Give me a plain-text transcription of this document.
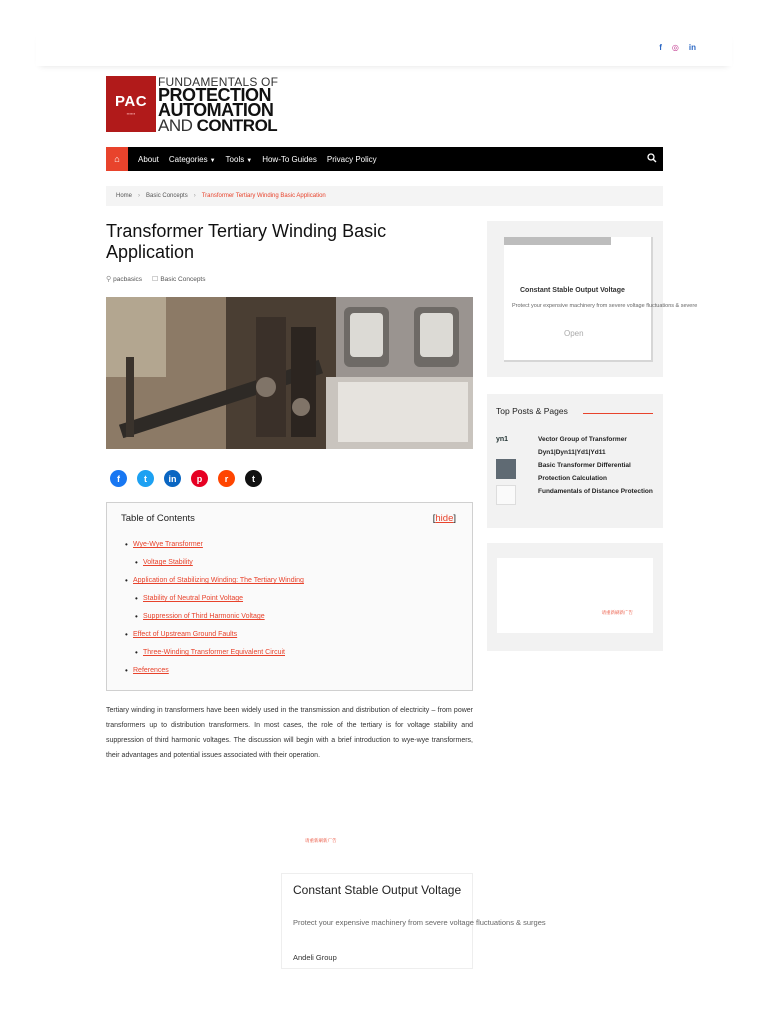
f ◎ in
PAC
▪▪▪▪▪▪
FUNDAMENTALS OF
PROTECTION
AUTOMATION
AND CONTROL
⌂	About Categories ▼ Tools ▼ How-To Guides Privacy Policy
Home › Basic Concepts › Transformer Tertiary Winding Basic Application
Transformer Tertiary Winding Basic Application
⚲ pacbasics ☐ Basic Concepts
f	t	in	p	r	t
Table of Contents	[hide]
• Wye-Wye Transformer
• Voltage Stability
• Application of Stabilizing Winding: The Tertiary Winding
• Stability of Neutral Point Voltage
• Suppression of Third Harmonic Voltage
• Effect of Upstream Ground Faults
• Three-Winding Transformer Equivalent Circuit
• References

Tertiary winding in transformers have been widely used in the transmission and distribution of electricity – from power transformers up to distribution transformers. In most cases, the role of the tertiary is for voltage stability and suppression of third harmonic voltages. The discussion will begin with a brief introduction to wye-wye transformers, their advantages and potential issues associated with their operation.

请重新刷新广告
Constant Stable Output Voltage
Protect your expensive machinery from severe voltage fluctuations & surges
Andeli Group
Constant Stable Output Voltage
Protect your expensive machinery from severe voltage fluctuations & severe
Open
Top Posts & Pages
yn1	Vector Group of Transformer Dyn1|Dyn11|Yd1|Yd11
Basic Transformer Differential Protection Calculation
Fundamentals of Distance Protection
请重新刷新广告
